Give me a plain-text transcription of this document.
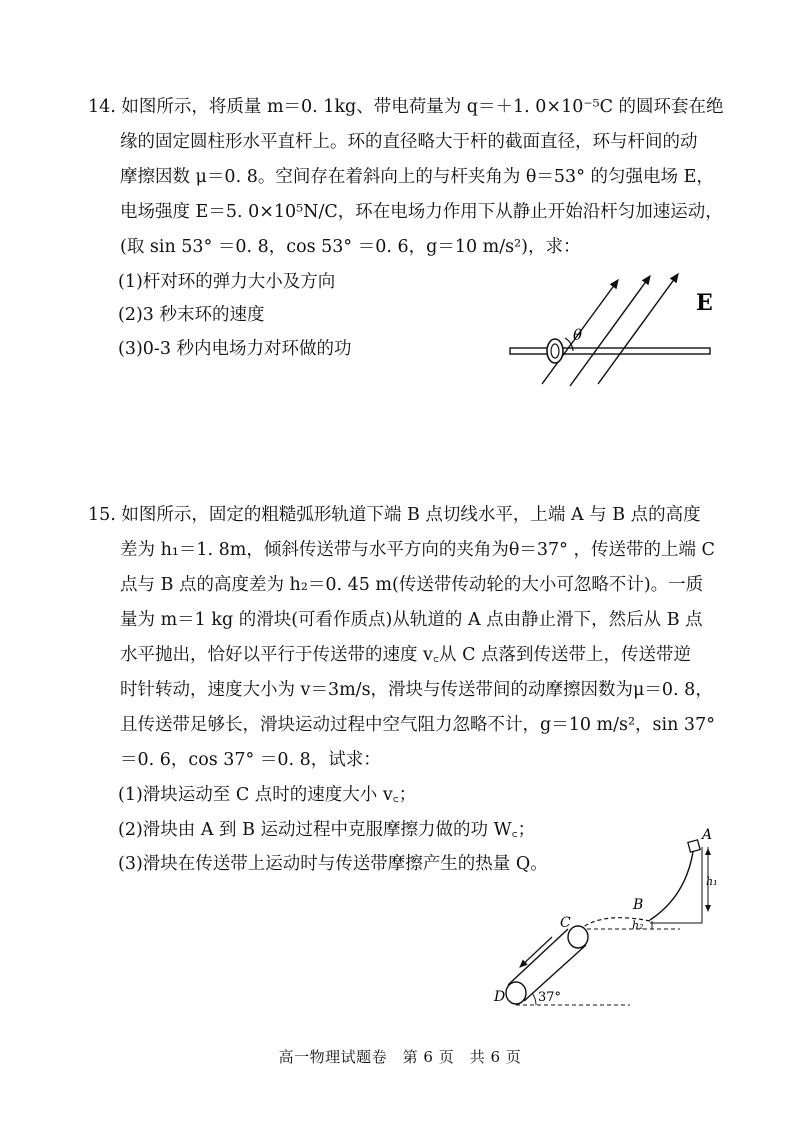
14. 如图所示，将质量 m＝0. 1kg、带电荷量为 q＝＋1. 0×10⁻⁵C 的圆环套在绝
缘的固定圆柱形水平直杆上。环的直径略大于杆的截面直径，环与杆间的动
摩擦因数 μ＝0. 8。空间存在着斜向上的与杆夹角为 θ＝53° 的匀强电场 E，
电场强度 E＝5. 0×10⁵N/C，环在电场力作用下从静止开始沿杆匀加速运动，
(取 sin 53° ＝0. 8，cos 53° ＝0. 6，g＝10 m/s²)，求：
(1)杆对环的弹力大小及方向
(2)3 秒末环的速度
(3)0-3 秒内电场力对环做的功
θ
E
15. 如图所示，固定的粗糙弧形轨道下端 B 点切线水平，上端 A 与 B 点的高度
差为 h₁＝1. 8m，倾斜传送带与水平方向的夹角为θ＝37° ，传送带的上端 C
点与 B 点的高度差为 h₂＝0. 45 m(传送带传动轮的大小可忽略不计)。一质
量为 m＝1 kg 的滑块(可看作质点)从轨道的 A 点由静止滑下，然后从 B 点
水平抛出，恰好以平行于传送带的速度 v꜀从 C 点落到传送带上，传送带逆
时针转动，速度大小为 v＝3m/s，滑块与传送带间的动摩擦因数为μ＝0. 8，
且传送带足够长，滑块运动过程中空气阻力忽略不计，g＝10 m/s²，sin 37°
＝0. 6，cos 37° ＝0. 8，试求：
(1)滑块运动至 C 点时的速度大小 v꜀；
(2)滑块由 A 到 B 运动过程中克服摩擦力做的功 W꜀；
(3)滑块在传送带上运动时与传送带摩擦产生的热量 Q。
A
B
C
D
h₁
h₂
37°
高一物理试题卷　第 6 页　共 6 页
